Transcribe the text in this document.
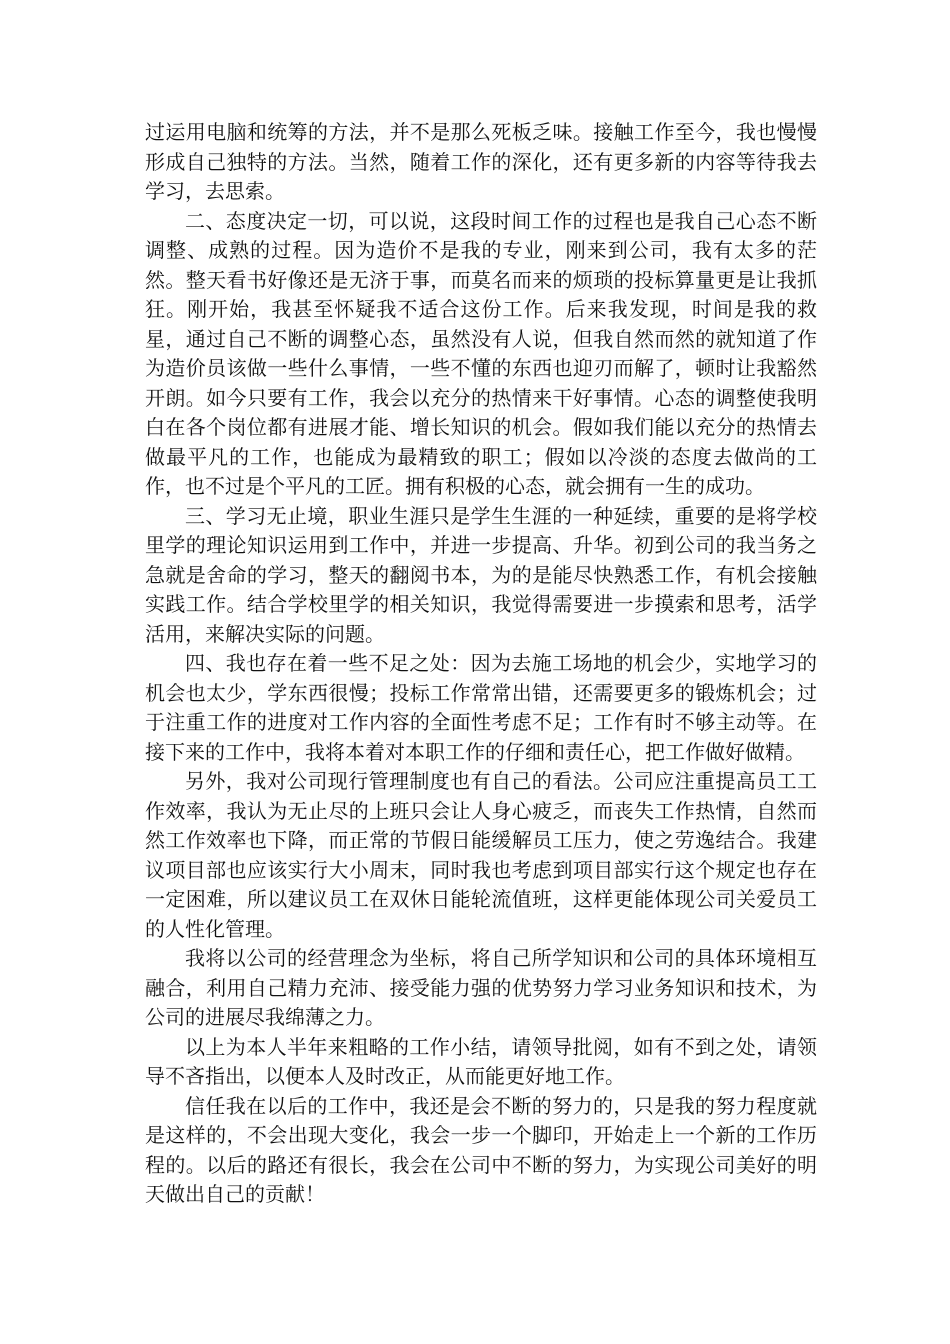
过运用电脑和统筹的方法，并不是那么死板乏味。接触工作至今，我也慢慢形成自己独特的方法。当然，随着工作的深化，还有更多新的内容等待我去学习，去思索。

二、态度决定一切，可以说，这段时间工作的过程也是我自己心态不断调整、成熟的过程。因为造价不是我的专业，刚来到公司，我有太多的茫然。整天看书好像还是无济于事，而莫名而来的烦琐的投标算量更是让我抓狂。刚开始，我甚至怀疑我不适合这份工作。后来我发现，时间是我的救星，通过自己不断的调整心态，虽然没有人说，但我自然而然的就知道了作为造价员该做一些什么事情，一些不懂的东西也迎刃而解了，顿时让我豁然开朗。如今只要有工作，我会以充分的热情来干好事情。心态的调整使我明白在各个岗位都有进展才能、增长知识的机会。假如我们能以充分的热情去做最平凡的工作，也能成为最精致的职工；假如以冷淡的态度去做尚的工作，也不过是个平凡的工匠。拥有积极的心态，就会拥有一生的成功。

三、学习无止境，职业生涯只是学生生涯的一种延续，重要的是将学校里学的理论知识运用到工作中，并进一步提高、升华。初到公司的我当务之急就是舍命的学习，整天的翻阅书本，为的是能尽快熟悉工作，有机会接触实践工作。结合学校里学的相关知识，我觉得需要进一步摸索和思考，活学活用，来解决实际的问题。

四、我也存在着一些不足之处：因为去施工场地的机会少，实地学习的机会也太少，学东西很慢；投标工作常常出错，还需要更多的锻炼机会；过于注重工作的进度对工作内容的全面性考虑不足；工作有时不够主动等。在接下来的工作中，我将本着对本职工作的仔细和责任心，把工作做好做精。

另外，我对公司现行管理制度也有自己的看法。公司应注重提高员工工作效率，我认为无止尽的上班只会让人身心疲乏，而丧失工作热情，自然而然工作效率也下降，而正常的节假日能缓解员工压力，使之劳逸结合。我建议项目部也应该实行大小周末，同时我也考虑到项目部实行这个规定也存在一定困难，所以建议员工在双休日能轮流值班，这样更能体现公司关爱员工的人性化管理。

我将以公司的经营理念为坐标，将自己所学知识和公司的具体环境相互融合，利用自己精力充沛、接受能力强的优势努力学习业务知识和技术，为公司的进展尽我绵薄之力。

以上为本人半年来粗略的工作小结，请领导批阅，如有不到之处，请领导不吝指出，以便本人及时改正，从而能更好地工作。

信任我在以后的工作中，我还是会不断的努力的，只是我的努力程度就是这样的，不会出现大变化，我会一步一个脚印，开始走上一个新的工作历程的。以后的路还有很长，我会在公司中不断的努力，为实现公司美好的明天做出自己的贡献！
